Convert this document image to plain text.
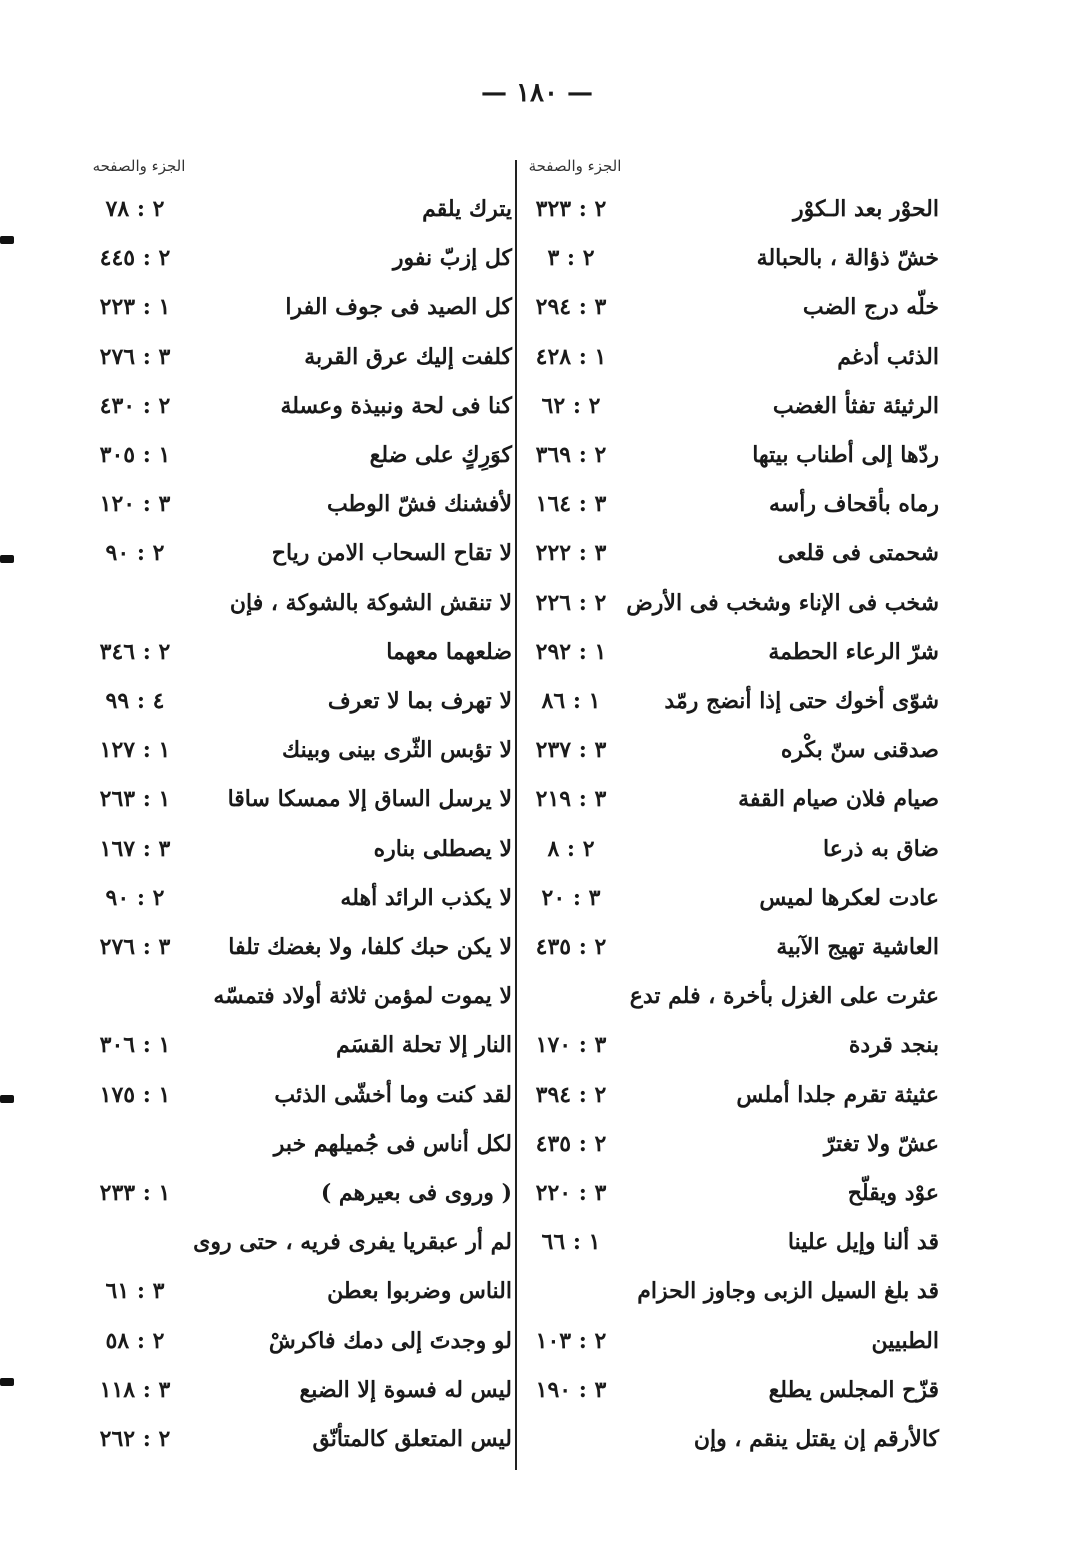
— ١٨٠ —
الجزء والصفحه	الجزء والصفحة
الحوْر بعد الـكوْر
٢ : ٣٢٣
يترك يلقم
٢ : ٧٨
خشّ ذؤالة ، بالحبالة
٢ : ٣
كل إزبّ نفور
٢ : ٤٤٥
خلّه درج الضب
٣ : ٢٩٤
كل الصيد فى جوف الفرا
١ : ٢٢٣
الذئب أدغم
١ : ٤٢٨
كلفت إليك عرق القربة
٣ : ٢٧٦
الرثيئة تفثأ الغضب
٢ : ٦٢
كنا فى لحة ونبيذة وعسلة
٢ : ٤٣٠
ردّها إلى أطناب بيتها
٢ : ٣٦٩
كوَرِكٍ على ضلع
١ : ٣٠٥
رماه بأقحاف رأسه
٣ : ١٦٤
لأفشنك فشّ الوطب
٣ : ١٢٠
شحمتى فى قلعى
٣ : ٢٢٢
لا تقاح السحاب الامن رياح
٢ : ٩٠
شخب فى الإناء وشخب فى الأرض
٢ : ٢٢٦
لا تنقش الشوكة بالشوكة ، فإن
شرّ الرعاء الحطمة
١ : ٢٩٢
ضلعهما معهما
٢ : ٣٤٦
شوّى أخوك حتى إذا أنضج رمّد
١ : ٨٦
لا تهرف بما لا تعرف
٤ : ٩٩
صدقنى سنّ بكْره
٣ : ٢٣٧
لا تؤبس الثّرى بينى وبينك
١ : ١٢٧
صيام فلان صيام القفة
٣ : ٢١٩
لا يرسل الساق إلا ممسكا ساقا
١ : ٢٦٣
ضاق به ذرعا
٢ : ٨
لا يصطلى بناره
٣ : ١٦٧
عادت لعكرها لميس
٣ : ٢٠
لا يكذب الرائد أهله
٢ : ٩٠
العاشية تهيج الآبية
٢ : ٤٣٥
لا يكن حبك كلفا، ولا بغضك تلفا
٣ : ٢٧٦
عثرت على الغزل بأخرة ، فلم تدع
لا يموت لمؤمن ثلاثة أولاد فتمسّه
بنجد قردة
٣ : ١٧٠
النار إلا تحلة القسَم
١ : ٣٠٦
عثيثة تقرم جلدا أملس
٢ : ٣٩٤
لقد كنت وما أخشّى الذئب
١ : ١٧٥
عشّ ولا تغترّ
٢ : ٤٣٥
لكل أناس فى جُميلهم خبر
عوْد ويقلّح
٣ : ٢٢٠
( وروى فى بعيرهم )
١ : ٢٣٣
قد ألنا وإيل علينا
١ : ٦٦
لم أر عبقريا يفرى فريه ، حتى روى
قد بلغ السيل الزبى وجاوز الحزام
الناس وضربوا بعطن
٣ : ٦١
الطبيين
٢ : ١٠٣
لو وجدتَ إلى دمك فاكرشْ
٢ : ٥٨
قزّح المجلس يطلع
٣ : ١٩٠
ليس له فسوة إلا الضبع
٣ : ١١٨
كالأرقم إن يقتل ينقم ، وإن
ليس المتعلق كالمتأنّق
٢ : ٢٦٢
